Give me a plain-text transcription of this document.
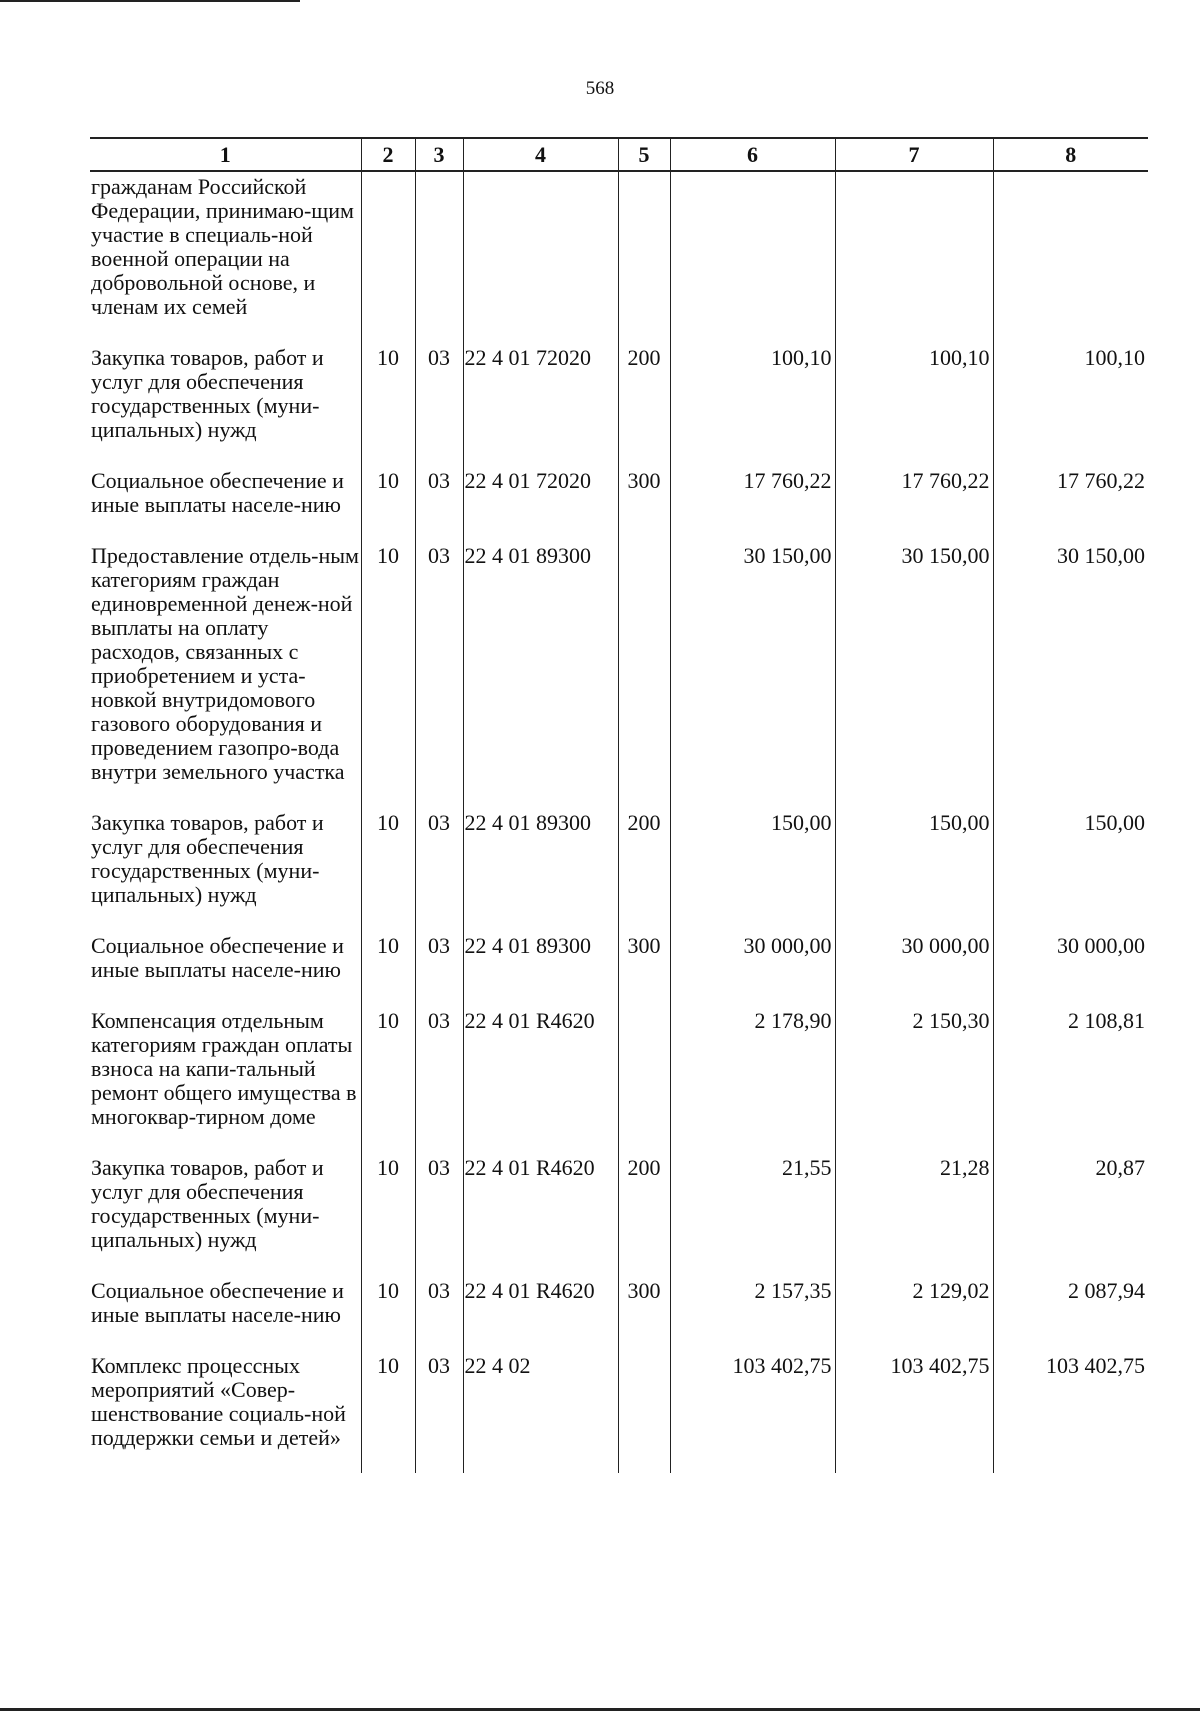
568
1	2	3	4	5	6	7	8
гражданам Российской Федерации, принимаю-щим участие в специаль-ной военной операции на добровольной основе, и членам их семей							
Закупка товаров, работ и услуг для обеспечения государственных (муни-ципальных) нужд	10	03	22 4 01 72020	200	100,10	100,10	100,10
Социальное обеспечение и иные выплаты населе-нию	10	03	22 4 01 72020	300	17 760,22	17 760,22	17 760,22
Предоставление отдель-ным категориям граждан единовременной денеж-ной выплаты на оплату расходов, связанных с приобретением и уста-новкой внутридомового газового оборудования и проведением газопро-вода внутри земельного участка	10	03	22 4 01 89300		30 150,00	30 150,00	30 150,00
Закупка товаров, работ и услуг для обеспечения государственных (муни-ципальных) нужд	10	03	22 4 01 89300	200	150,00	150,00	150,00
Социальное обеспечение и иные выплаты населе-нию	10	03	22 4 01 89300	300	30 000,00	30 000,00	30 000,00
Компенсация отдельным категориям граждан оплаты взноса на капи-тальный ремонт общего имущества в многоквар-тирном доме	10	03	22 4 01 R4620		2 178,90	2 150,30	2 108,81
Закупка товаров, работ и услуг для обеспечения государственных (муни-ципальных) нужд	10	03	22 4 01 R4620	200	21,55	21,28	20,87
Социальное обеспечение и иные выплаты населе-нию	10	03	22 4 01 R4620	300	2 157,35	2 129,02	2 087,94
Комплекс процессных мероприятий «Совер-шенствование социаль-ной поддержки семьи и детей»	10	03	22 4 02		103 402,75	103 402,75	103 402,75
